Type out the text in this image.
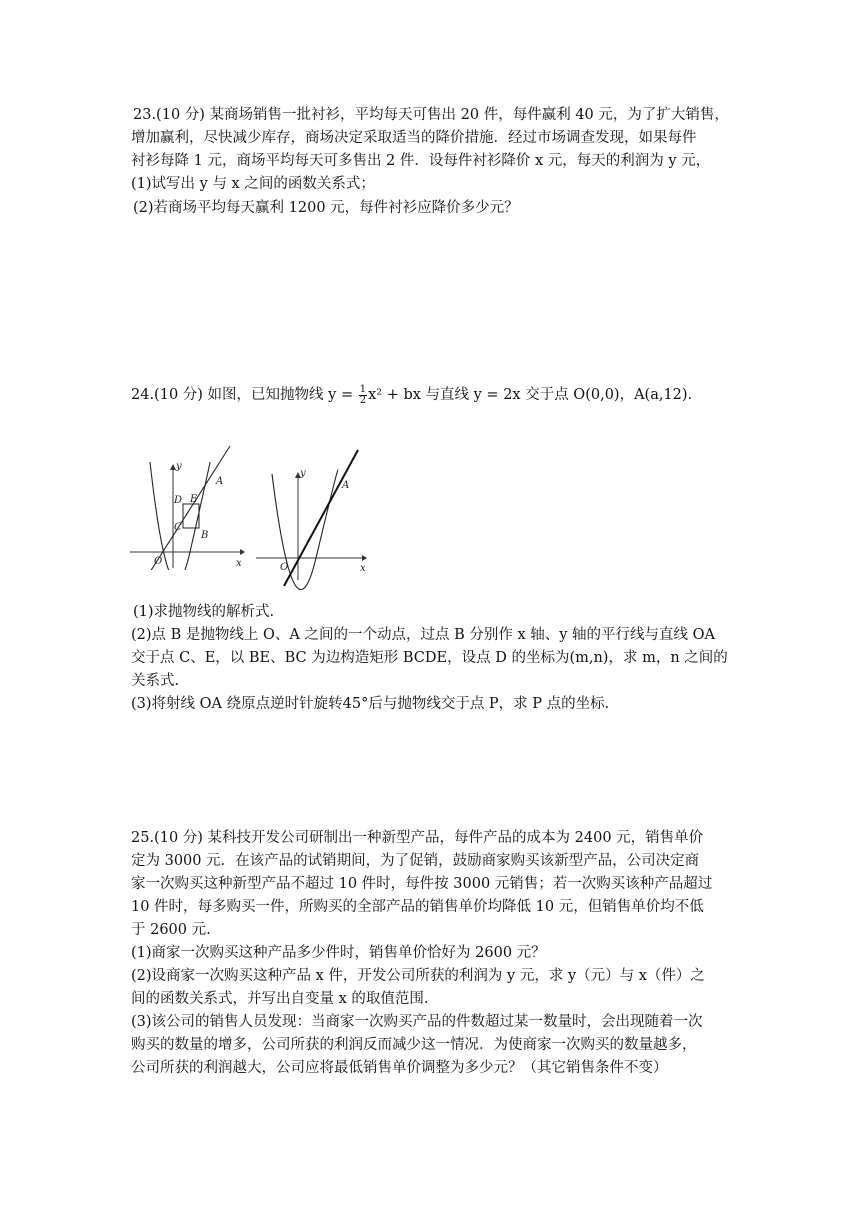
23.(10 分) 某商场销售一批衬衫，平均每天可售出 20 件，每件赢利 40 元，为了扩大销售，
增加赢利，尽快减少库存，商场决定采取适当的降价措施．经过市场调查发现，如果每件
衬衫每降 1 元，商场平均每天可多售出 2 件．设每件衬衫降价 x 元，每天的利润为 y 元，
(1)试写出 y 与 x 之间的函数关系式；
(2)若商场平均每天赢利 1200 元，每件衬衫应降价多少元？
24.(10 分) 如图，已知抛物线 $y = \frac{1}{2} x^2$ + bx 与直线 y = 2x 交于点 O(0,0)，A(a,12).
y
x
O
D E
C
B
A
y
x
O
A
(1)求抛物线的解析式.
(2)点 B 是抛物线上 O、A 之间的一个动点，过点 B 分别作 x 轴、y 轴的平行线与直线 OA
交于点 C、E，以 BE、BC 为边构造矩形 BCDE，设点 D 的坐标为(m,n)，求 m，n 之间的
关系式.
(3)将射线 OA 绕原点逆时针旋转45°后与抛物线交于点 P，求 P 点的坐标.
25.(10 分) 某科技开发公司研制出一种新型产品，每件产品的成本为 2400 元，销售单价
定为 3000 元．在该产品的试销期间，为了促销，鼓励商家购买该新型产品，公司决定商
家一次购买这种新型产品不超过 10 件时，每件按 3000 元销售；若一次购买该种产品超过
10 件时，每多购买一件，所购买的全部产品的销售单价均降低 10 元，但销售单价均不低
于 2600 元.
(1)商家一次购买这种产品多少件时，销售单价恰好为 2600 元？
(2)设商家一次购买这种产品 x 件，开发公司所获的利润为 y 元，求 y（元）与 x（件）之
间的函数关系式，并写出自变量 x 的取值范围.
(3)该公司的销售人员发现：当商家一次购买产品的件数超过某一数量时，会出现随着一次
购买的数量的增多，公司所获的利润反而减少这一情况．为使商家一次购买的数量越多，
公司所获的利润越大，公司应将最低销售单价调整为多少元？（其它销售条件不变）
